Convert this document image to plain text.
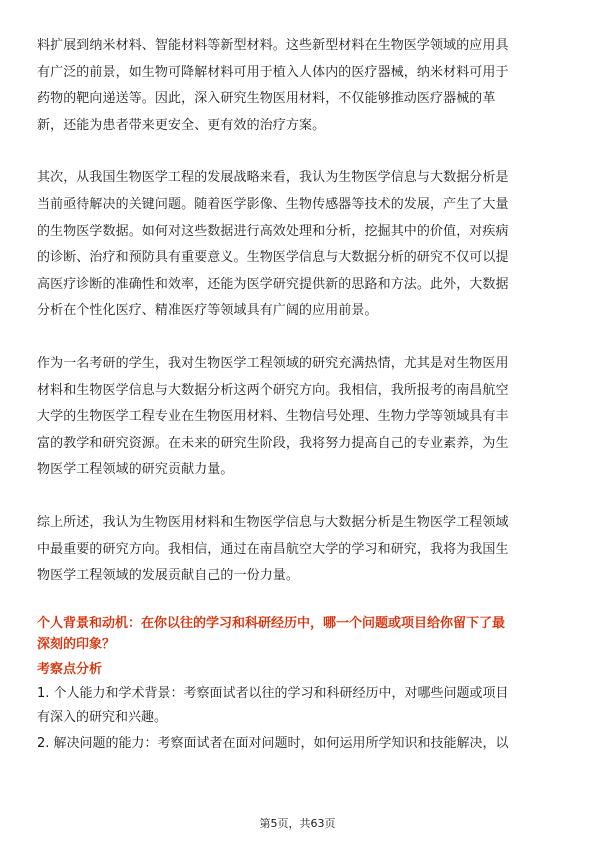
料扩展到纳米材料、智能材料等新型材料。这些新型材料在生物医学领域的应用具
有广泛的前景，如生物可降解材料可用于植入人体内的医疗器械，纳米材料可用于
药物的靶向递送等。因此，深入研究生物医用材料，不仅能够推动医疗器械的革
新，还能为患者带来更安全、更有效的治疗方案。

其次，从我国生物医学工程的发展战略来看，我认为生物医学信息与大数据分析是
当前亟待解决的关键问题。随着医学影像、生物传感器等技术的发展，产生了大量
的生物医学数据。如何对这些数据进行高效处理和分析，挖掘其中的价值，对疾病
的诊断、治疗和预防具有重要意义。生物医学信息与大数据分析的研究不仅可以提
高医疗诊断的准确性和效率，还能为医学研究提供新的思路和方法。此外，大数据
分析在个性化医疗、精准医疗等领域具有广阔的应用前景。

作为一名考研的学生，我对生物医学工程领域的研究充满热情，尤其是对生物医用
材料和生物医学信息与大数据分析这两个研究方向。我相信，我所报考的南昌航空
大学的生物医学工程专业在生物医用材料、生物信号处理、生物力学等领域具有丰
富的教学和研究资源。在未来的研究生阶段，我将努力提高自己的专业素养，为生
物医学工程领域的研究贡献力量。

综上所述，我认为生物医用材料和生物医学信息与大数据分析是生物医学工程领域
中最重要的研究方向。我相信，通过在南昌航空大学的学习和研究，我将为我国生
物医学工程领域的发展贡献自己的一份力量。

个人背景和动机：在你以往的学习和科研经历中，哪一个问题或项目给你留下了最
深刻的印象？

考察点分析

1. 个人能力和学术背景：考察面试者以往的学习和科研经历中，对哪些问题或项目
有深入的研究和兴趣。

2. 解决问题的能力：考察面试者在面对问题时，如何运用所学知识和技能解决，以

第5页，共63页
